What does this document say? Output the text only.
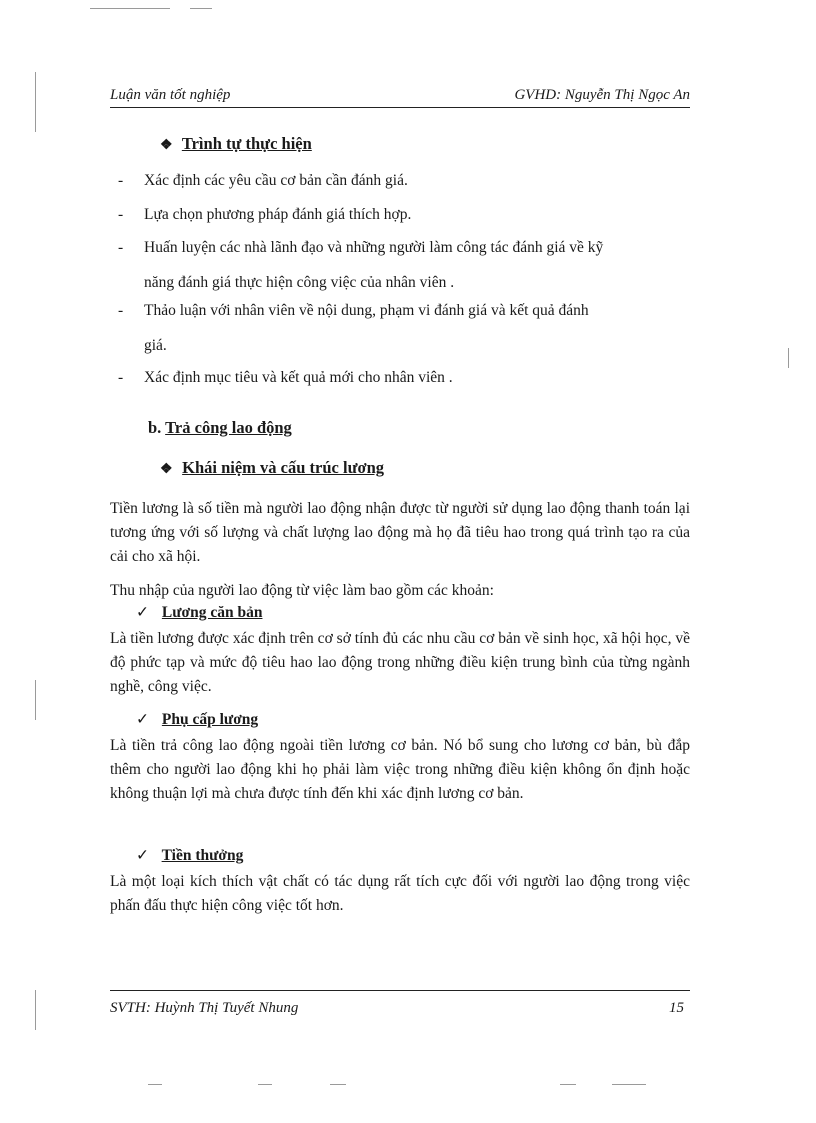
Luận văn tốt nghiệp	GVHD: Nguyễn Thị Ngọc An
❖ Trình tự thực hiện
- Xác định các yêu cầu cơ bản cần đánh giá.
- Lựa chọn phương pháp đánh giá thích hợp.
- Huấn luyện các nhà lãnh đạo và những người làm công tác đánh giá về kỹ
năng đánh giá thực hiện công việc của nhân viên .
- Thảo luận với nhân viên về nội dung, phạm vi đánh giá và kết quả đánh
giá.
- Xác định mục tiêu và kết quả mới cho nhân viên .
b. Trả công lao động
❖ Khái niệm và cấu trúc lương
Tiền lương là số tiền mà người lao động nhận được từ người sử dụng lao động thanh toán lại tương ứng với số lượng và chất lượng lao động mà họ đã tiêu hao trong quá trình tạo ra của cải cho xã hội.
Thu nhập của người lao động từ việc làm bao gồm các khoản:
✓ Lương căn bản
Là tiền lương được xác định trên cơ sở tính đủ các nhu cầu cơ bản về sinh học, xã hội học, về độ phức tạp và mức độ tiêu hao lao động trong những điều kiện trung bình của từng ngành nghề, công việc.
✓ Phụ cấp lương
Là tiền trả công lao động ngoài tiền lương cơ bản. Nó bổ sung cho lương cơ bản, bù đắp thêm cho người lao động khi họ phải làm việc trong những điều kiện không ổn định hoặc không thuận lợi mà chưa được tính đến khi xác định lương cơ bản.
✓ Tiền thưởng
Là một loại kích thích vật chất có tác dụng rất tích cực đối với người lao động trong việc phấn đấu thực hiện công việc tốt hơn.
SVTH: Huỳnh Thị Tuyết Nhung	15
